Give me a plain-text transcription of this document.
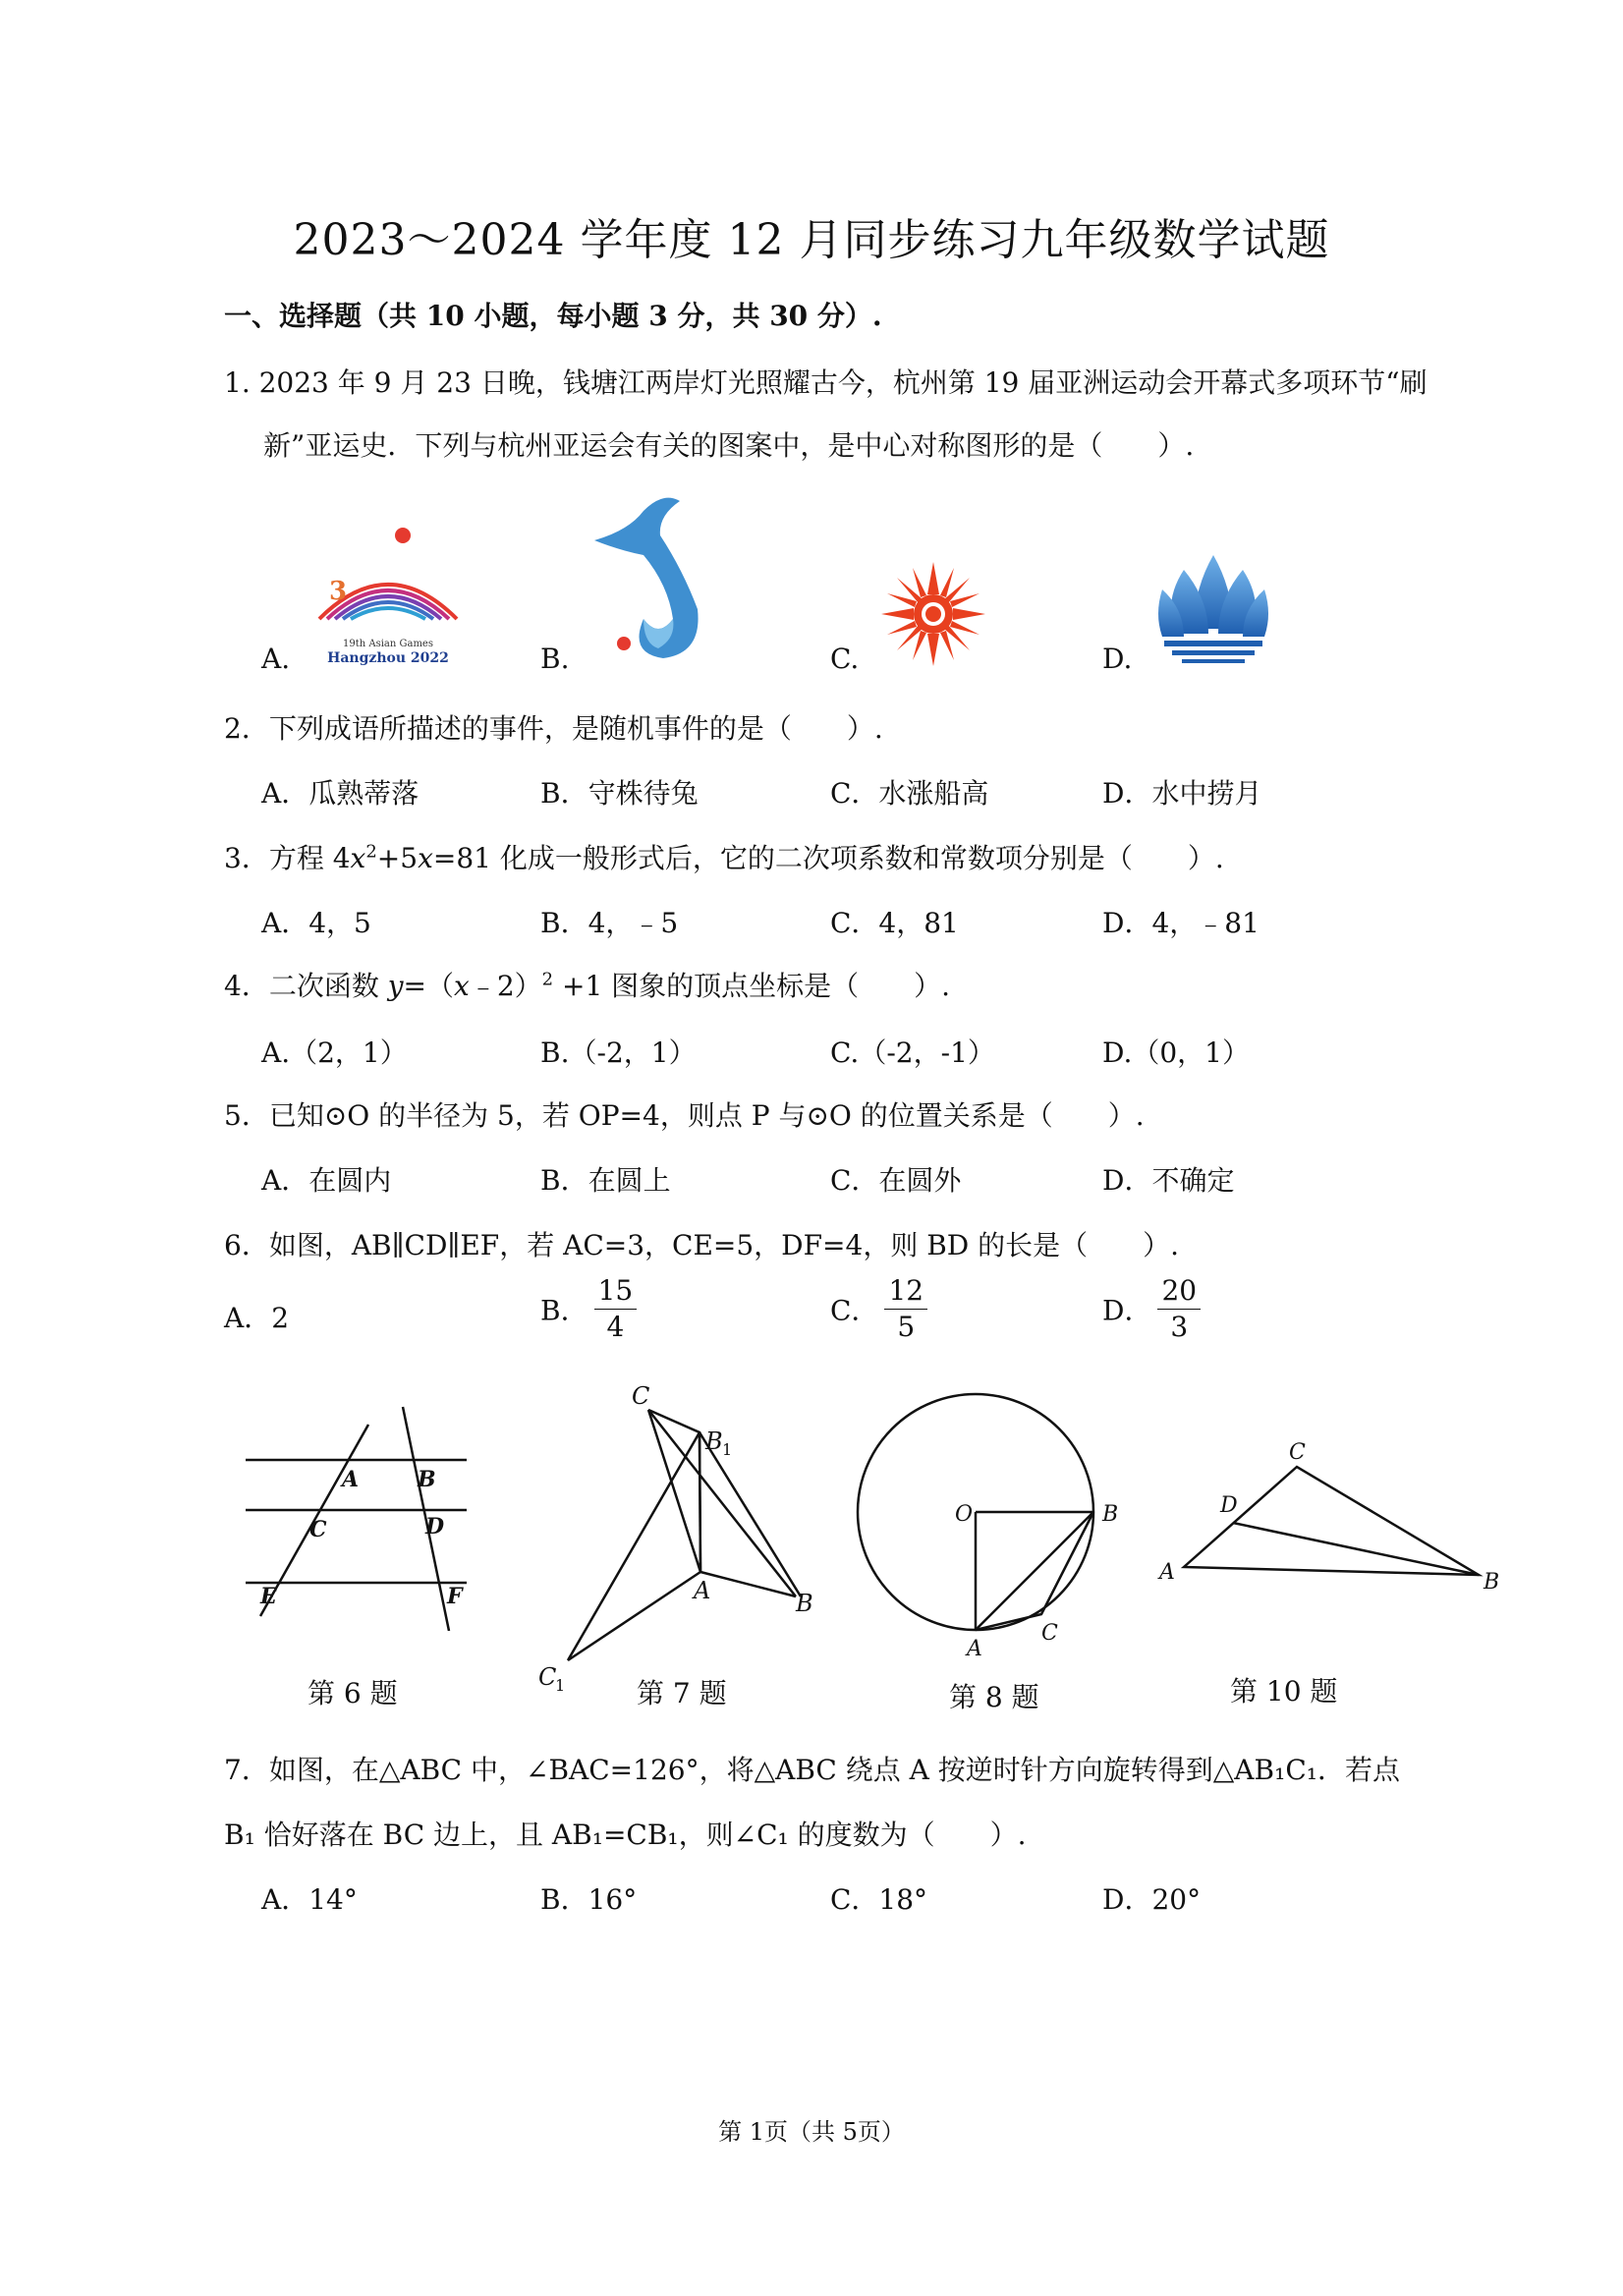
2023～2024 学年度 12 月同步练习九年级数学试题
一、选择题（共 10 小题，每小题 3 分，共 30 分）.
1. 2023 年 9 月 23 日晚，钱塘江两岸灯光照耀古今，杭州第 19 届亚洲运动会开幕式多项环节“刷
新”亚运史．下列与杭州亚运会有关的图案中，是中心对称图形的是（　　）.
3
19th Asian Games
Hangzhou 2022
A.	B.	C.	D.
2．下列成语所描述的事件，是随机事件的是（　　）.
A．瓜熟蒂落	B．守株待兔	C．水涨船高	D．水中捞月
3．方程 $4x^2+5x=81$ 化成一般形式后，它的二次项系数和常数项分别是（　　）.
A．4，5	B．4，﹣5	C．4，81	D．4，﹣81
4．二次函数 y=（x﹣2）$^2$ +1 图象的顶点坐标是（　　）.
A.（2，1）	B.（-2，1）	C.（-2，-1）	D.（0，1）
5．已知⊙O 的半径为 5，若 OP=4，则点 P 与⊙O 的位置关系是（　　）.
A．在圆内	B．在圆上	C．在圆外	D．不确定
6．如图，AB∥CD∥EF，若 AC=3，CE=5，DF=4，则 BD 的长是（　　）.
A．2	B． $\frac{15}{4}$	C． $\frac{12}{5}$	D． $\frac{20}{3}$
A	B
C	D
E	F
第 6 题
C
B 1
A	B
C
1	第 7 题
O	B
A
C
第 8 题
C
D
A	B
第 10 题
7．如图，在△ABC 中，∠BAC=126°，将△ABC 绕点 A 按逆时针方向旋转得到△AB₁C₁．若点
B₁ 恰好落在 BC 边上，且 AB₁=CB₁，则∠C₁ 的度数为（　　）.
A．14°	B．16°	C．18°	D．20°
第 1页（共 5页）
